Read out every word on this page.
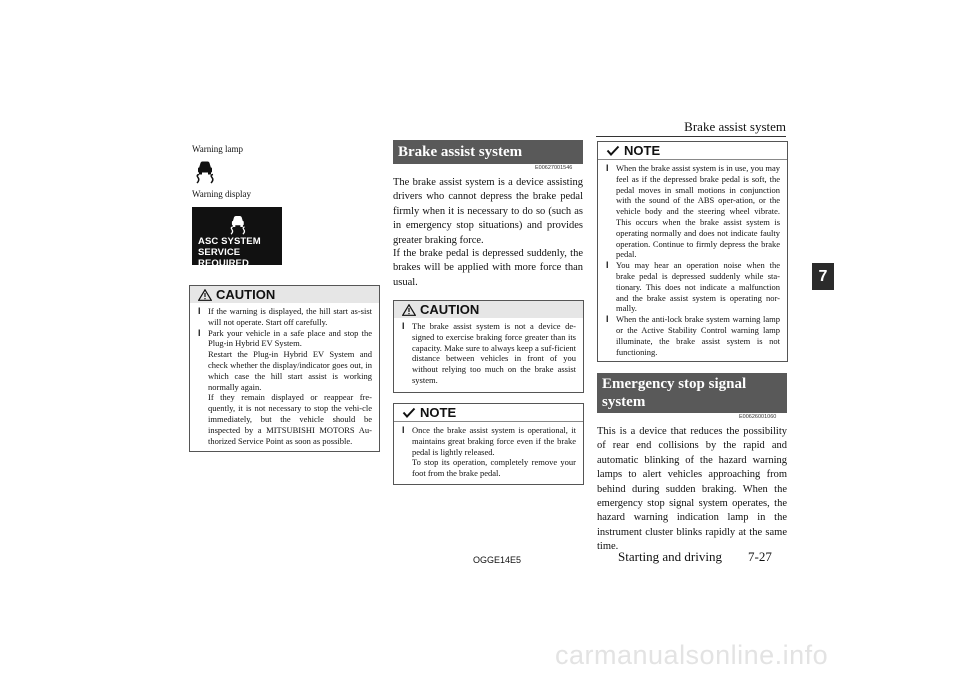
Brake assist system
7
Warning lamp
Warning display
ASC SYSTEM
SERVICE REQUIRED
CAUTION
l If the warning is displayed, the hill start as-sist will not operate. Start off carefully.
l Park your vehicle in a safe place and stop the Plug-in Hybrid EV System.
Restart the Plug-in Hybrid EV System and check whether the display/indicator goes out, in which case the hill start assist is working normally again.
If they remain displayed or reappear fre-quently, it is not necessary to stop the vehi-cle immediately, but the vehicle should be inspected by a MITSUBISHI MOTORS Au-thorized Service Point as soon as possible.
Brake assist system
E00627001546
The brake assist system is a device assisting drivers who cannot depress the brake pedal firmly when it is necessary to do so (such as in emergency stop situations) and provides greater braking force.
If the brake pedal is depressed suddenly, the brakes will be applied with more force than usual.
CAUTION
l The brake assist system is not a device de-signed to exercise braking force greater than its capacity. Make sure to always keep a suf-ficient distance between vehicles in front of you without relying too much on the brake assist system.
NOTE
l Once the brake assist system is operational, it maintains great braking force even if the brake pedal is lightly released.
To stop its operation, completely remove your foot from the brake pedal.
NOTE
l When the brake assist system is in use, you may feel as if the depressed brake pedal is soft, the pedal moves in small motions in conjunction with the sound of the ABS oper-ation, or the vehicle body and the steering wheel vibrate. This occurs when the brake assist system is operating normally and does not indicate faulty operation. Continue to firmly depress the brake pedal.
l You may hear an operation noise when the brake pedal is depressed suddenly while sta-tionary. This does not indicate a malfunction and the brake assist system is operating nor-mally.
l When the anti-lock brake system warning lamp or the Active Stability Control warning lamp illuminate, the brake assist system is not functioning.
Emergency stop signal
system
E00626001060
This is a device that reduces the possibility of rear end collisions by the rapid and automatic blinking of the hazard warning lamps to alert vehicles approaching from behind during sudden braking. When the emergency stop signal system operates, the hazard warning indication lamp in the instrument cluster blinks rapidly at the same time.
OGGE14E5	Starting and driving 7-27
carmanualsonline.info
